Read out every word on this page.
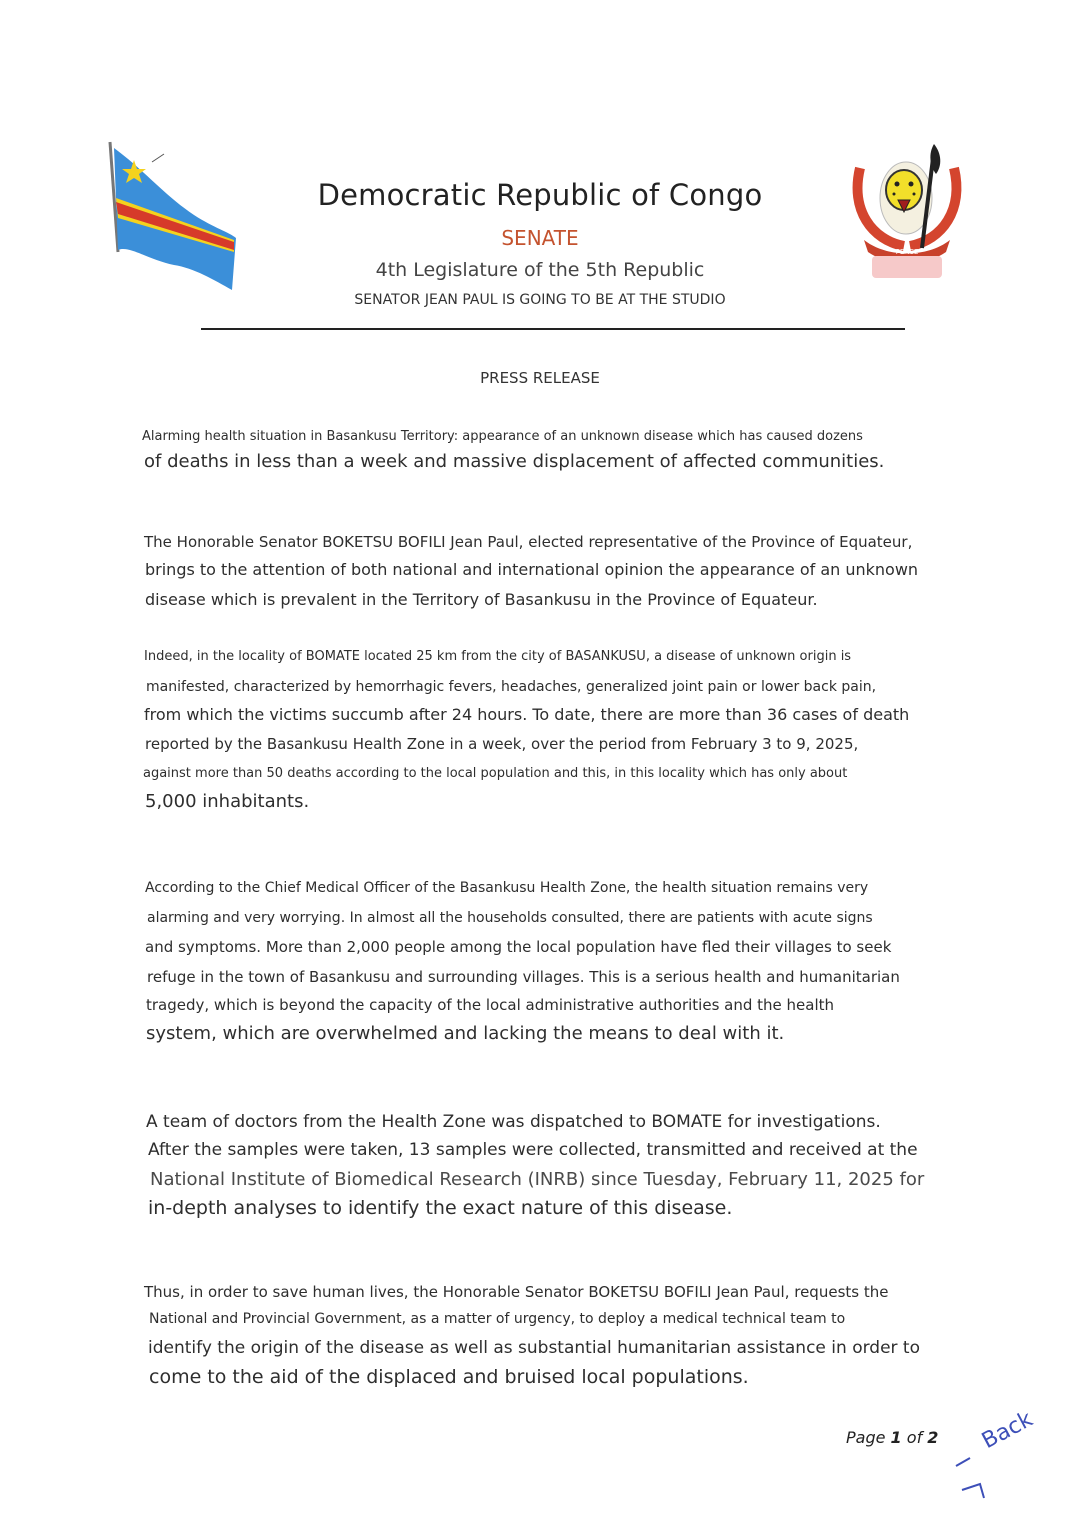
PEACE
Democratic Republic of Congo
SENATE
4th Legislature of the 5th Republic
SENATOR JEAN PAUL IS GOING TO BE AT THE STUDIO
PRESS RELEASE
Alarming health situation in Basankusu Territory: appearance of an unknown disease which has caused dozens
of deaths in less than a week and massive displacement of affected communities.
The Honorable Senator BOKETSU BOFILI Jean Paul, elected representative of the Province of Equateur,
brings to the attention of both national and international opinion the appearance of an unknown
disease which is prevalent in the Territory of Basankusu in the Province of Equateur.
Indeed, in the locality of BOMATE located 25 km from the city of BASANKUSU, a disease of unknown origin is
manifested, characterized by hemorrhagic fevers, headaches, generalized joint pain or lower back pain,
from which the victims succumb after 24 hours. To date, there are more than 36 cases of death
reported by the Basankusu Health Zone in a week, over the period from February 3 to 9, 2025,
against more than 50 deaths according to the local population and this, in this locality which has only about
5,000 inhabitants.
According to the Chief Medical Officer of the Basankusu Health Zone, the health situation remains very
alarming and very worrying. In almost all the households consulted, there are patients with acute signs
and symptoms. More than 2,000 people among the local population have fled their villages to seek
refuge in the town of Basankusu and surrounding villages. This is a serious health and humanitarian
tragedy, which is beyond the capacity of the local administrative authorities and the health
system, which are overwhelmed and lacking the means to deal with it.
A team of doctors from the Health Zone was dispatched to BOMATE for investigations.
After the samples were taken, 13 samples were collected, transmitted and received at the
National Institute of Biomedical Research (INRB) since Tuesday, February 11, 2025 for
in-depth analyses to identify the exact nature of this disease.
Thus, in order to save human lives, the Honorable Senator BOKETSU BOFILI Jean Paul, requests the
National and Provincial Government, as a matter of urgency, to deploy a medical technical team to
identify the origin of the disease as well as substantial humanitarian assistance in order to
come to the aid of the displaced and bruised local populations.
Page 1 of 2 Back
